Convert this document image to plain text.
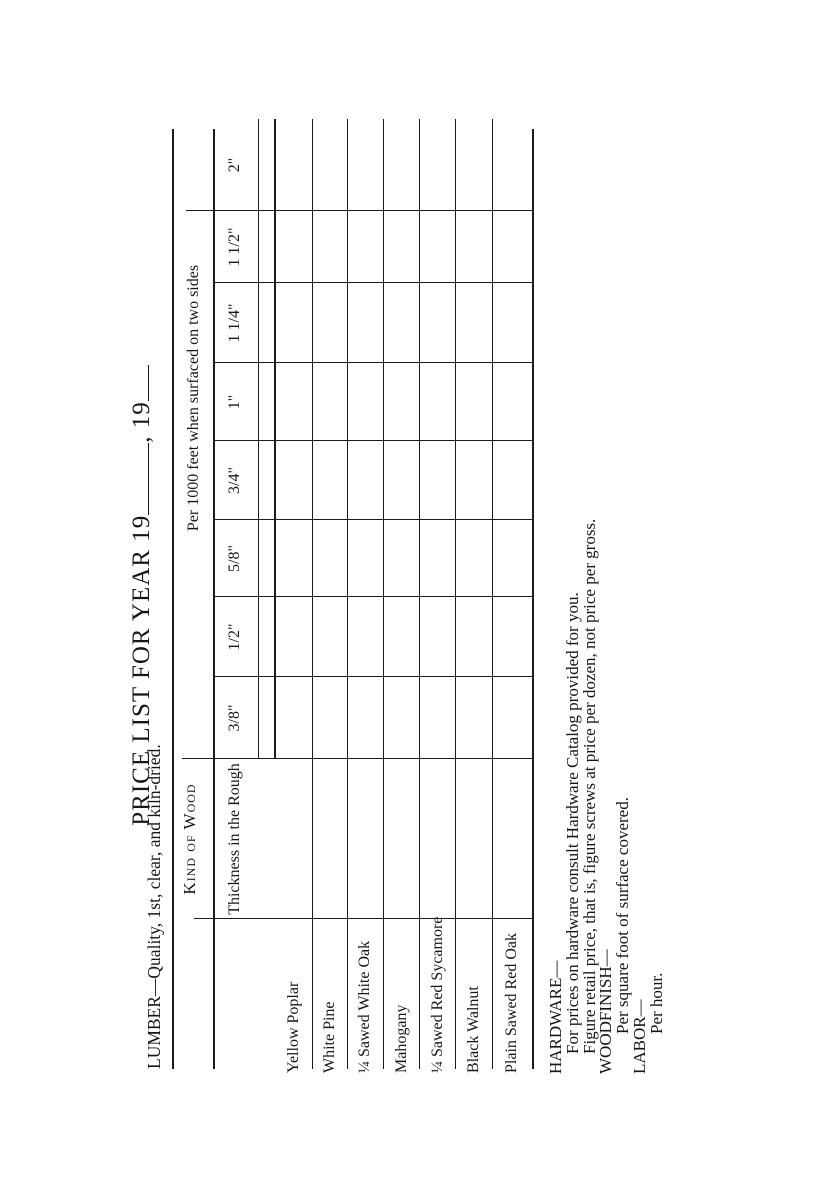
PRICE LIST FOR YEAR 19, 19
LUMBER—Quality, 1st, clear, and kiln-dried. Kind of Wood Thickness in the Rough
Per 1000 feet when surfaced on two sides
3/8"
1/2"
5/8"
3/4"
1"
1 1/4"
1 1/2"
2"
Yellow Poplar White Pine ¼ Sawed White Oak Mahogany ¼ Sawed Red Sycamore Black Walnut Plain Sawed Red Oak HARDWARE—
For prices on hardware consult Hardware Catalog provided for you.
Figure retail price, that is, figure screws at price per dozen, not price per gross.
WOODFINISH—
Per square foot of surface covered.
LABOR—
Per hour.
